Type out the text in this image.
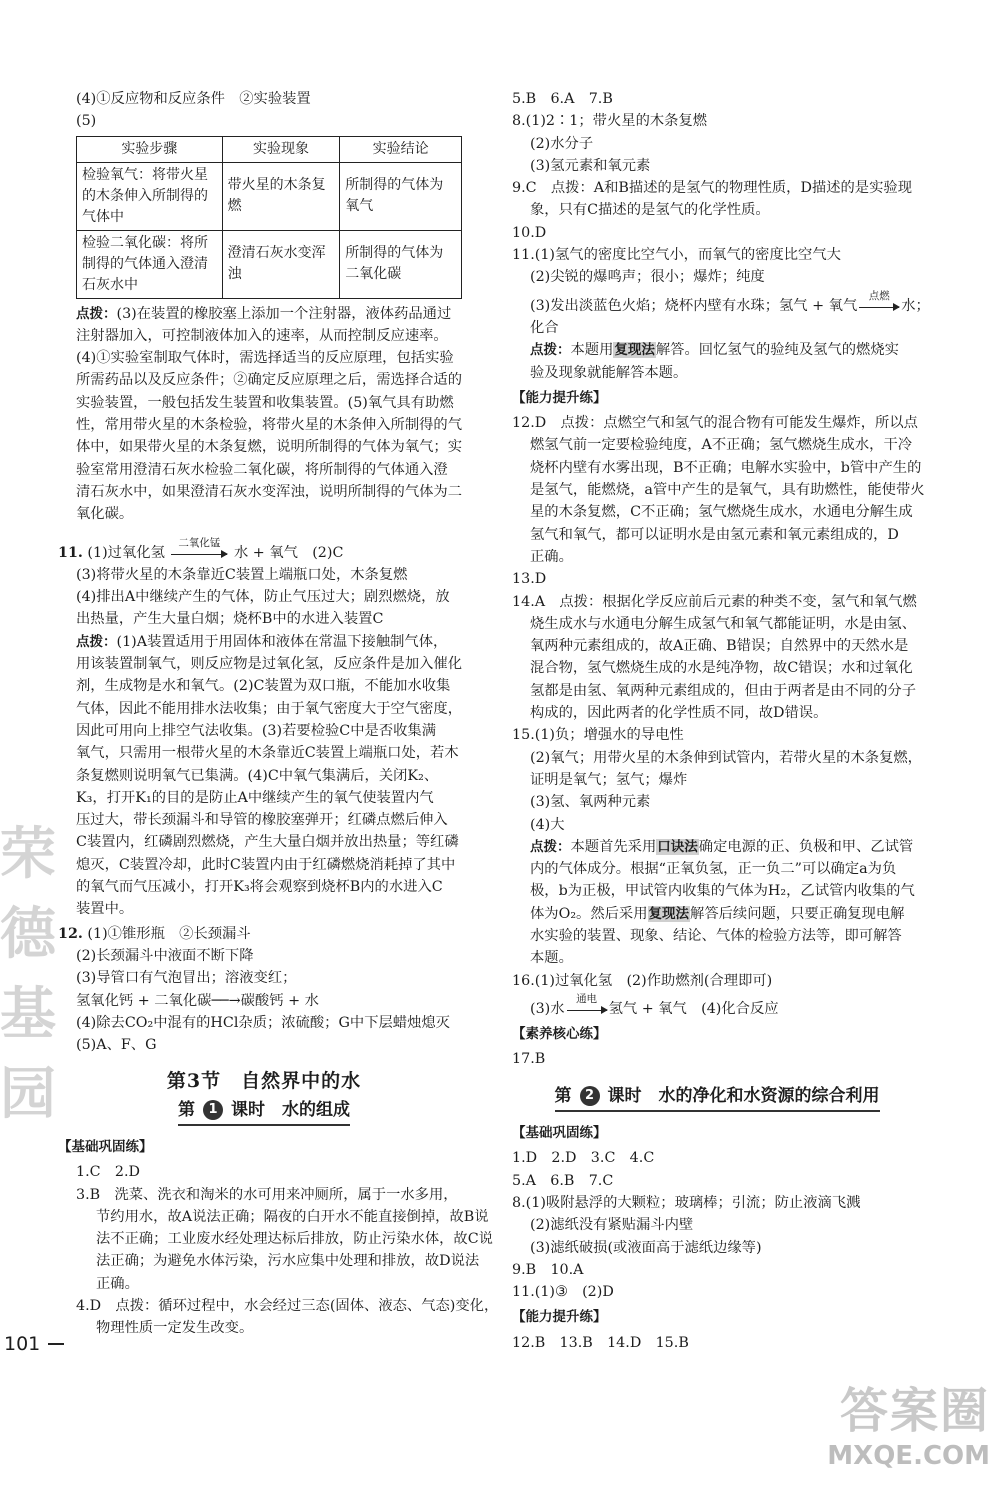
(4)①反应物和反应条件　②实验装置
(5)
实验步骤	实验现象	实验结论
检验氧气：将带火星的木条伸入所制得的气体中	带火星的木条复燃	所制得的气体为氧气
检验二氧化碳：将所制得的气体通入澄清石灰水中	澄清石灰水变浑浊	所制得的气体为二氧化碳
点拨：(3)在装置的橡胶塞上添加一个注射器，液体药品通过
注射器加入，可控制液体加入的速率，从而控制反应速率。
(4)①实验室制取气体时，需选择适当的反应原理，包括实验
所需药品以及反应条件；②确定反应原理之后，需选择合适的
实验装置，一般包括发生装置和收集装置。(5)氧气具有助燃
性，常用带火星的木条检验，将带火星的木条伸入所制得的气
体中，如果带火星的木条复燃，说明所制得的气体为氧气；实
验室常用澄清石灰水检验二氧化碳，将所制得的气体通入澄
清石灰水中，如果澄清石灰水变浑浊，说明所制得的气体为二
氧化碳。
11. (1)过氧化氢
二氧化锰
水 + 氧气　(2)C
(3)将带火星的木条靠近C装置上端瓶口处，木条复燃
(4)排出A中继续产生的气体，防止气压过大；剧烈燃烧，放
出热量，产生大量白烟；烧杯B中的水进入装置C
点拨：(1)A装置适用于用固体和液体在常温下接触制气体，
用该装置制氧气，则反应物是过氧化氢，反应条件是加入催化
剂，生成物是水和氧气。(2)C装置为双口瓶，不能加水收集
气体，因此不能用排水法收集；由于氧气密度大于空气密度，
因此可用向上排空气法收集。(3)若要检验C中是否收集满
氧气，只需用一根带火星的木条靠近C装置上端瓶口处，若木
条复燃则说明氧气已集满。(4)C中氧气集满后，关闭K₂、
K₃，打开K₁的目的是防止A中继续产生的氧气使装置内气
压过大，带长颈漏斗和导管的橡胶塞弹开；红磷点燃后伸入
C装置内，红磷剧烈燃烧，产生大量白烟并放出热量；等红磷
熄灭，C装置冷却，此时C装置内由于红磷燃烧消耗掉了其中
的氧气而气压减小，打开K₃将会观察到烧杯B内的水进入C
装置中。
12. (1)①锥形瓶　②长颈漏斗
(2)长颈漏斗中液面不断下降
(3)导管口有气泡冒出；溶液变红；
氢氧化钙 + 二氧化碳──→碳酸钙 + 水
(4)除去CO₂中混有的HCl杂质；浓硫酸；G中下层蜡烛熄灭
(5)A、F、G
第3节　自然界中的水
第	1 课时　水的组成
【基础巩固练】
1.C　2.D
3.B　洗菜、洗衣和淘米的水可用来冲厕所，属于一水多用，
节约用水，故A说法正确；隔夜的白开水不能直接倒掉，故B说
法不正确；工业废水经处理达标后排放，防止污染水体，故C说
法正确；为避免水体污染，污水应集中处理和排放，故D说法
正确。
4.D　点拨：循环过程中，水会经过三态(固体、液态、气态)变化，
物理性质一定发生改变。
荣
德
基
园
101
5.B　6.A　7.B
8.(1)2∶1；带火星的木条复燃
(2)水分子
(3)氢元素和氧元素
9.C　点拨：A和B描述的是氢气的物理性质，D描述的是实验现
象，只有C描述的是氢气的化学性质。
10.D
11.(1)氢气的密度比空气小，而氧气的密度比空气大
(2)尖锐的爆鸣声；很小；爆炸；纯度
(3)发出淡蓝色火焰；烧杯内壁有水珠；氢气 + 氧气
点燃
水；
化合
点拨：本题用复现法解答。回忆氢气的验纯及氢气的燃烧实
验及现象就能解答本题。
【能力提升练】
12.D　点拨：点燃空气和氢气的混合物有可能发生爆炸，所以点
燃氢气前一定要检验纯度，A不正确；氢气燃烧生成水，干冷
烧杯内壁有水雾出现，B不正确；电解水实验中，b管中产生的
是氢气，能燃烧，a管中产生的是氧气，具有助燃性，能使带火
星的木条复燃，C不正确；氢气燃烧生成水，水通电分解生成
氢气和氧气，都可以证明水是由氢元素和氧元素组成的，D
正确。
13.D
14.A　点拨：根据化学反应前后元素的种类不变，氢气和氧气燃
烧生成水与水通电分解生成氢气和氧气都能证明，水是由氢、
氧两种元素组成的，故A正确、B错误；自然界中的天然水是
混合物，氢气燃烧生成的水是纯净物，故C错误；水和过氧化
氢都是由氢、氧两种元素组成的，但由于两者是由不同的分子
构成的，因此两者的化学性质不同，故D错误。
15.(1)负；增强水的导电性
(2)氧气；用带火星的木条伸到试管内，若带火星的木条复燃，
证明是氧气；氢气；爆炸
(3)氢、氧两种元素
(4)大
点拨：本题首先采用口诀法确定电源的正、负极和甲、乙试管
内的气体成分。根据“正氧负氢，正一负二”可以确定a为负
极，b为正极，甲试管内收集的气体为H₂，乙试管内收集的气
体为O₂。然后采用复现法解答后续问题，只要正确复现电解
水实验的装置、现象、结论、气体的检验方法等，即可解答
本题。
16.(1)过氧化氢　(2)作助燃剂(合理即可)
(3)水
通电
氢气 + 氧气　(4)化合反应
【素养核心练】
17.B
第	2 课时　水的净化和水资源的综合利用
【基础巩固练】
1.D　2.D　3.C　4.C
5.A　6.B　7.C
8.(1)吸附悬浮的大颗粒；玻璃棒；引流；防止液滴飞溅
(2)滤纸没有紧贴漏斗内壁
(3)滤纸破损(或液面高于滤纸边缘等)
9.B　10.A
11.(1)③　(2)D
【能力提升练】
12.B　13.B　14.D　15.B
答案圈
MXQE.COM
